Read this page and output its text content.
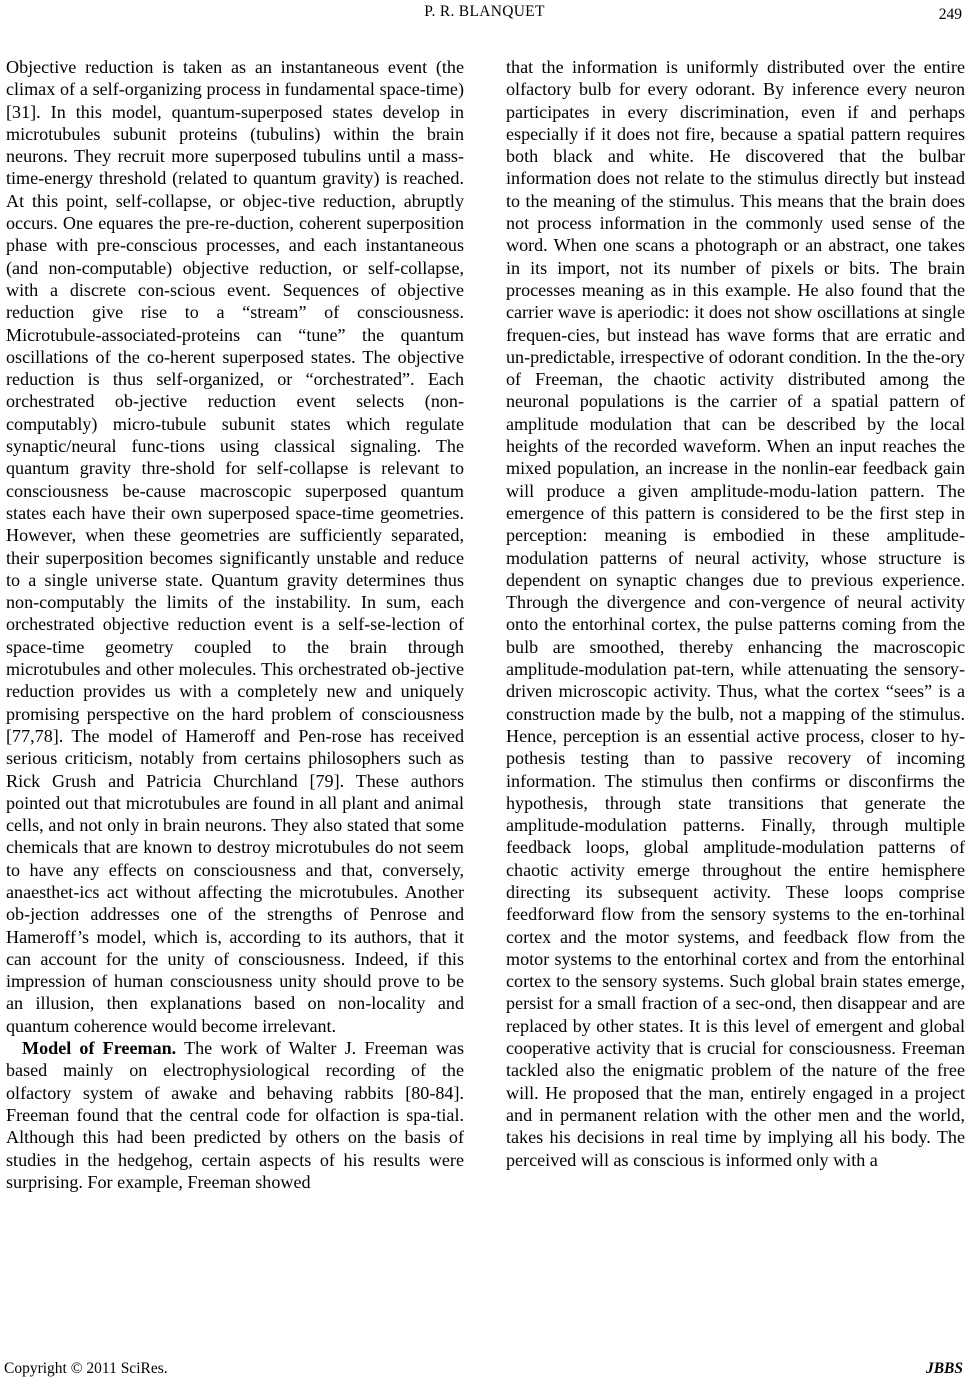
P. R. BLANQUET	249

Objective reduction is taken as an instantaneous event (the climax of a self-organizing process in fundamental space-time) [31]. In this model, quantum-superposed states develop in microtubules subunit proteins (tubulins) within the brain neurons. They recruit more superposed tubulins until a mass-time-energy threshold (related to quantum gravity) is reached. At this point, self-collapse, or objec-tive reduction, abruptly occurs. One equares the pre-re-duction, coherent superposition phase with pre-conscious processes, and each instantaneous (and non-computable) objective reduction, or self-collapse, with a discrete con-scious event. Sequences of objective reduction give rise to a “stream” of consciousness. Microtubule-associated-proteins can “tune” the quantum oscillations of the co-herent superposed states. The objective reduction is thus self-organized, or “orchestrated”. Each orchestrated ob-jective reduction event selects (non-computably) micro-tubule subunit states which regulate synaptic/neural func-tions using classical signaling. The quantum gravity thre-shold for self-collapse is relevant to consciousness be-cause macroscopic superposed quantum states each have their own superposed space-time geometries. However, when these geometries are sufficiently separated, their superposition becomes significantly unstable and reduce to a single universe state. Quantum gravity determines thus non-computably the limits of the instability. In sum, each orchestrated objective reduction event is a self-se-lection of space-time geometry coupled to the brain through microtubules and other molecules. This orchestrated ob-jective reduction provides us with a completely new and uniquely promising perspective on the hard problem of consciousness [77,78]. The model of Hameroff and Pen-rose has received serious criticism, notably from certains philosophers such as Rick Grush and Patricia Churchland [79]. These authors pointed out that microtubules are found in all plant and animal cells, and not only in brain neurons. They also stated that some chemicals that are known to destroy microtubules do not seem to have any effects on consciousness and that, conversely, anaesthet-ics act without affecting the microtubules. Another ob-jection addresses one of the strengths of Penrose and Hameroff’s model, which is, according to its authors, that it can account for the unity of consciousness. Indeed, if this impression of human consciousness unity should prove to be an illusion, then explanations based on non-locality and quantum coherence would become irrelevant.

Model of Freeman. The work of Walter J. Freeman was based mainly on electrophysiological recording of the olfactory system of awake and behaving rabbits [80-84]. Freeman found that the central code for olfaction is spa-tial. Although this had been predicted by others on the basis of studies in the hedgehog, certain aspects of his results were surprising. For example, Freeman showed

that the information is uniformly distributed over the entire olfactory bulb for every odorant. By inference every neuron participates in every discrimination, even if and perhaps especially if it does not fire, because a spatial pattern requires both black and white. He discovered that the bulbar information does not relate to the stimulus directly but instead to the meaning of the stimulus. This means that the brain does not process information in the commonly used sense of the word. When one scans a photograph or an abstract, one takes in its import, not its number of pixels or bits. The brain processes meaning as in this example. He also found that the carrier wave is aperiodic: it does not show oscillations at single frequen-cies, but instead has wave forms that are erratic and un-predictable, irrespective of odorant condition. In the the-ory of Freeman, the chaotic activity distributed among the neuronal populations is the carrier of a spatial pattern of amplitude modulation that can be described by the local heights of the recorded waveform. When an input reaches the mixed population, an increase in the nonlin-ear feedback gain will produce a given amplitude-modu-lation pattern. The emergence of this pattern is considered to be the first step in perception: meaning is embodied in these amplitude-modulation patterns of neural activity, whose structure is dependent on synaptic changes due to previous experience. Through the divergence and con-vergence of neural activity onto the entorhinal cortex, the pulse patterns coming from the bulb are smoothed, thereby enhancing the macroscopic amplitude-modulation pat-tern, while attenuating the sensory-driven microscopic activity. Thus, what the cortex “sees” is a construction made by the bulb, not a mapping of the stimulus. Hence, perception is an essential active process, closer to hy-pothesis testing than to passive recovery of incoming information. The stimulus then confirms or disconfirms the hypothesis, through state transitions that generate the amplitude-modulation patterns. Finally, through multiple feedback loops, global amplitude-modulation patterns of chaotic activity emerge throughout the entire hemisphere directing its subsequent activity. These loops comprise feedforward flow from the sensory systems to the en-torhinal cortex and the motor systems, and feedback flow from the motor systems to the entorhinal cortex and from the entorhinal cortex to the sensory systems. Such global brain states emerge, persist for a small fraction of a sec-ond, then disappear and are replaced by other states. It is this level of emergent and global cooperative activity that is crucial for consciousness. Freeman tackled also the enigmatic problem of the nature of the free will. He proposed that the man, entirely engaged in a project and in permanent relation with the other men and the world, takes his decisions in real time by implying all his body. The perceived will as conscious is informed only with a

Copyright © 2011 SciRes.	JBBS
